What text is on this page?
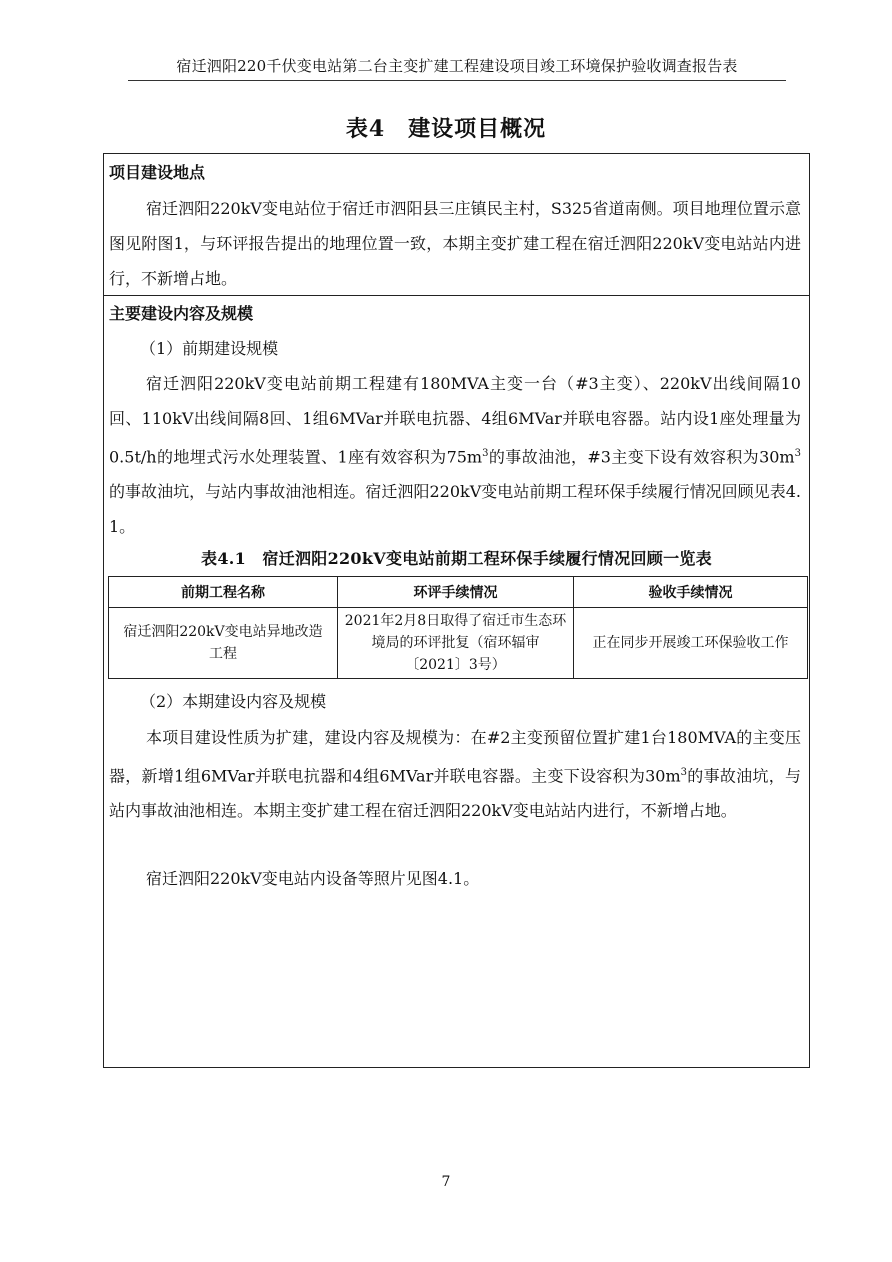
宿迁泗阳220千伏变电站第二台主变扩建工程建设项目竣工环境保护验收调查报告表
表4　建设项目概况
项目建设地点
宿迁泗阳220kV变电站位于宿迁市泗阳县三庄镇民主村，S325省道南侧。项目地理位置示意图见附图1，与环评报告提出的地理位置一致，本期主变扩建工程在宿迁泗阳220kV变电站站内进行，不新增占地。
主要建设内容及规模
（1）前期建设规模
宿迁泗阳220kV变电站前期工程建有180MVA主变一台（#3主变）、220kV出线间隔10回、110kV出线间隔8回、1组6MVar并联电抗器、4组6MVar并联电容器。站内设1座处理量为0.5t/h的地埋式污水处理装置、1座有效容积为$75m^3$的事故油池，#3主变下设有效容积为$30m^3$的事故油坑，与站内事故油池相连。宿迁泗阳220kV变电站前期工程环保手续履行情况回顾见表4.1。
表4.1　宿迁泗阳220kV变电站前期工程环保手续履行情况回顾一览表
前期工程名称	环评手续情况	验收手续情况
宿迁泗阳220kV变电站异地改造工程	2021年2月8日取得了宿迁市生态环境局的环评批复（宿环辐审〔2021〕3号）	正在同步开展竣工环保验收工作
（2）本期建设内容及规模
本项目建设性质为扩建，建设内容及规模为：在#2主变预留位置扩建1台180MVA的主变压器，新增1组6MVar并联电抗器和4组6MVar并联电容器。主变下设容积为$30m^3$的事故油坑，与站内事故油池相连。本期主变扩建工程在宿迁泗阳220kV变电站站内进行，不新增占地。
宿迁泗阳220kV变电站内设备等照片见图4.1。
7
